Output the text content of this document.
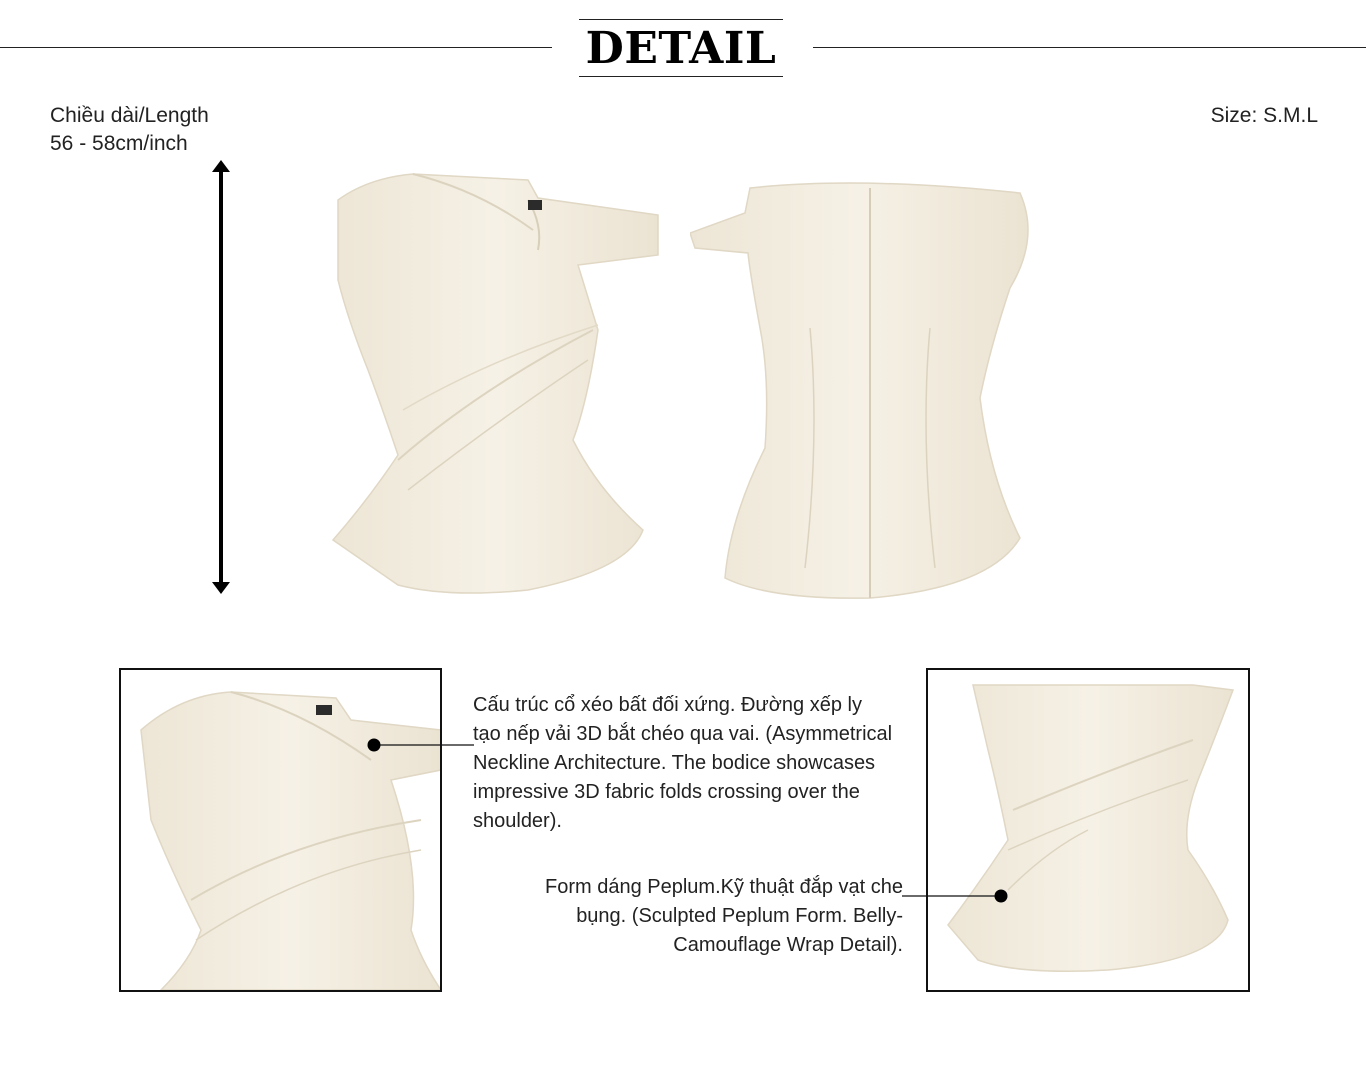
DETAIL
Chiều dài/Length
56 - 58cm/inch
Size: S.M.L
Cấu trúc cổ xéo bất đối xứng. Đường xếp ly tạo nếp vải 3D bắt chéo qua vai. (Asymmetrical Neckline Architecture. The bodice showcases impressive 3D fabric folds crossing over the shoulder).
Form dáng Peplum.Kỹ thuật đắp vạt che bụng. (Sculpted Peplum Form. Belly-Camouflage Wrap Detail).
